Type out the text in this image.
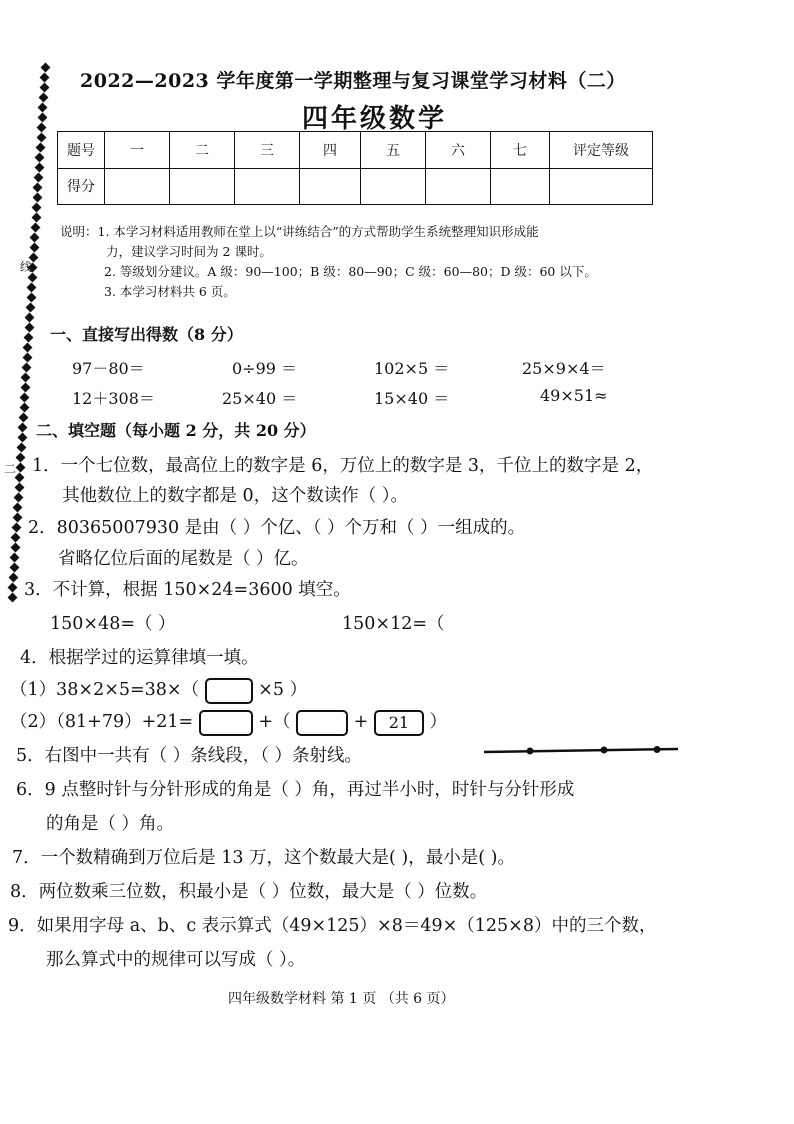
线
二
2022—2023 学年度第一学期整理与复习课堂学习材料（二）
四年级数学
题号	一	二	三	四	五	六	七	评定等级
得分								
说明：1. 本学习材料适用教师在堂上以“讲练结合”的方式帮助学生系统整理知识形成能
力，建议学习时间为 2 课时。
2. 等级划分建议。A 级：90—100；B 级：80—90；C 级：60—80；D 级：60 以下。
3. 本学习材料共 6 页。
一、直接写出得数（8 分）
97－80＝	0÷99 ＝	102×5 ＝	25×9×4＝
12＋308＝	25×40 ＝	15×40 ＝	49×51≈
二、填空题（每小题 2 分，共 20 分）
1．一个七位数，最高位上的数字是 6，万位上的数字是 3，千位上的数字是 2，
其他数位上的数字都是 0，这个数读作（ ）。
2．80365007930 是由（ ）个亿、（ ）个万和（ ）一组成的。
省略亿位后面的尾数是（ ）亿。
3．不计算，根据 150×24=3600 填空。
150×48=（ ）	150×12=（
4．根据学过的运算律填一填。
（1）38×2×5=38×（	×5 ）
（2）（81+79）+21=	+（	+ 21 ）
5．右图中一共有（ ）条线段，（ ）条射线。
6．9 点整时针与分针形成的角是（ ）角，再过半小时，时针与分针形成
的角是（ ）角。
7．一个数精确到万位后是 13 万，这个数最大是( )，最小是( )。
8．两位数乘三位数，积最小是（ ）位数，最大是（ ）位数。
9．如果用字母 a、b、c 表示算式（49×125）×8＝49×（125×8）中的三个数，
那么算式中的规律可以写成（ ）。
四年级数学材料 第 1 页 （共 6 页）
